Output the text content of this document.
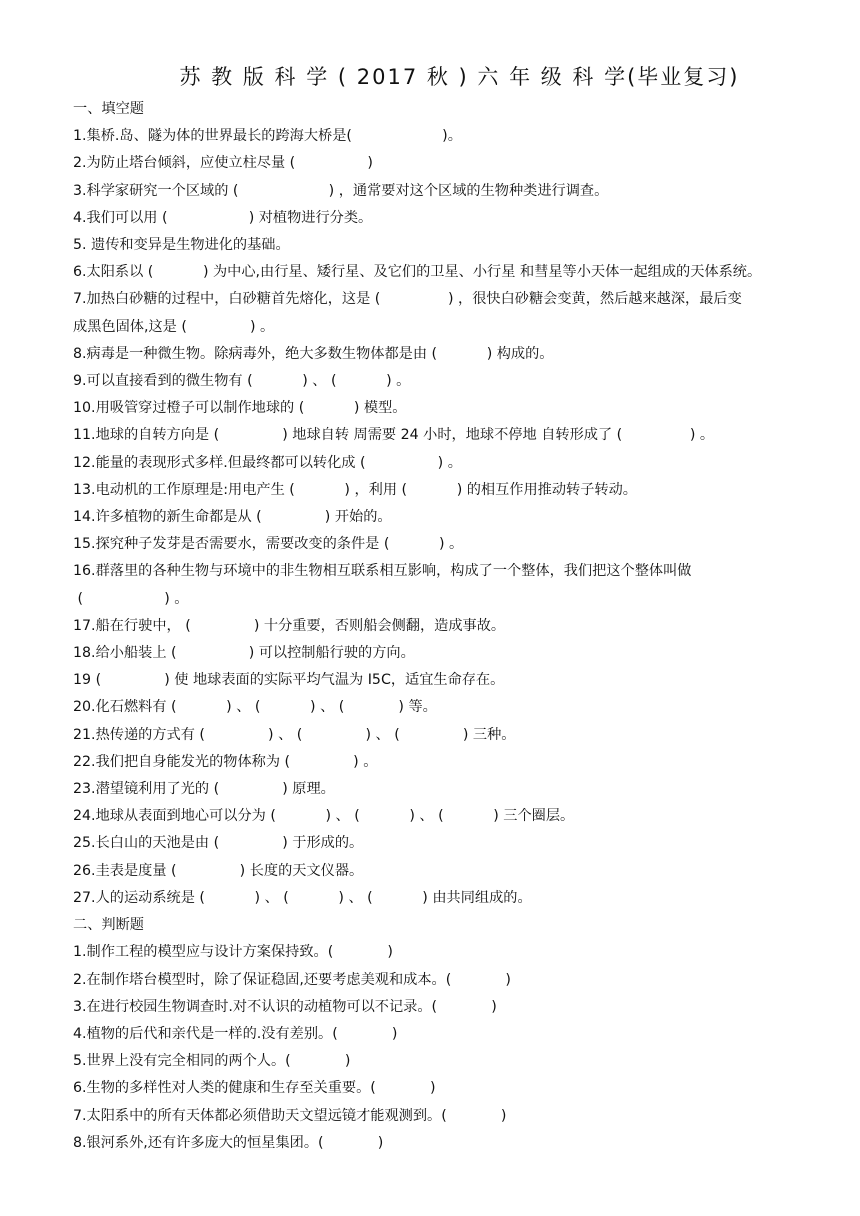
苏 教 版 科 学 ( 2017 秋 ) 六 年 级 科 学(毕业复习)
一、填空题
1.集桥.岛、隧为体的世界最长的跨海大桥是(                    )。
2.为防止塔台倾斜，应使立柱尽量 (                )
3.科学家研究一个区域的 (                    ) ，通常要对这个区域的生物种类进行调查。
4.我们可以用 (                  ) 对植物进行分类。
5. 遗传和变异是生物进化的基础。
6.太阳系以 (           ) 为中心,由行星、矮行星、及它们的卫星、小行星 和彗星等小天体一起组成的天体系统。
7.加热白砂糖的过程中，白砂糖首先熔化，这是 (               ) ，很快白砂糖会变黄，然后越来越深，最后变
成黑色固体,这是 (              ) 。
8.病毒是一种微生物。除病毒外，绝大多数生物体都是由 (           ) 构成的。
9.可以直接看到的微生物有 (           ) 、 (           ) 。
10.用吸管穿过橙子可以制作地球的 (           ) 模型。
11.地球的自转方向是 (              ) 地球自转 周需要 24 小时，地球不停地 自转形成了 (               ) 。
12.能量的表现形式多样.但最终都可以转化成 (                ) 。
13.电动机的工作原理是:用电产生 (           ) ，利用 (           ) 的相互作用推动转子转动。
14.许多植物的新生命都是从 (              ) 开始的。
15.探究种子发芽是否需要水，需要改变的条件是 (           ) 。
16.群落里的各种生物与环境中的非生物相互联系相互影响，构成了一个整体，我们把这个整体叫做
(                  ) 。
17.船在行驶中， (              ) 十分重要，否则船会侧翻，造成事故。
18.给小船装上 (                ) 可以控制船行驶的方向。
19 (              ) 使 地球表面的实际平均气温为 I5C，适宜生命存在。
20.化石燃料有 (           ) 、 (           ) 、 (            ) 等。
21.热传递的方式有 (              ) 、 (              ) 、 (              ) 三种。
22.我们把自身能发光的物体称为 (              ) 。
23.潜望镜利用了光的 (              ) 原理。
24.地球从表面到地心可以分为 (           ) 、 (           ) 、 (           ) 三个圈层。
25.长白山的天池是由 (              ) 于形成的。
26.圭表是度量 (              ) 长度的天文仪器。
27.人的运动系统是 (           ) 、 (           ) 、 (           ) 由共同组成的。
二、判断题
1.制作工程的模型应与设计方案保持致。(            )
2.在制作塔台模型时，除了保证稳固,还要考虑美观和成本。(            )
3.在进行校园生物调查时.对不认识的动植物可以不记录。(            )
4.植物的后代和亲代是一样的.没有差别。(            )
5.世界上没有完全相同的两个人。(            )
6.生物的多样性对人类的健康和生存至关重要。(            )
7.太阳系中的所有天体都必须借助天文望远镜才能观测到。(            )
8.银河系外,还有许多庞大的恒星集团。(            )
